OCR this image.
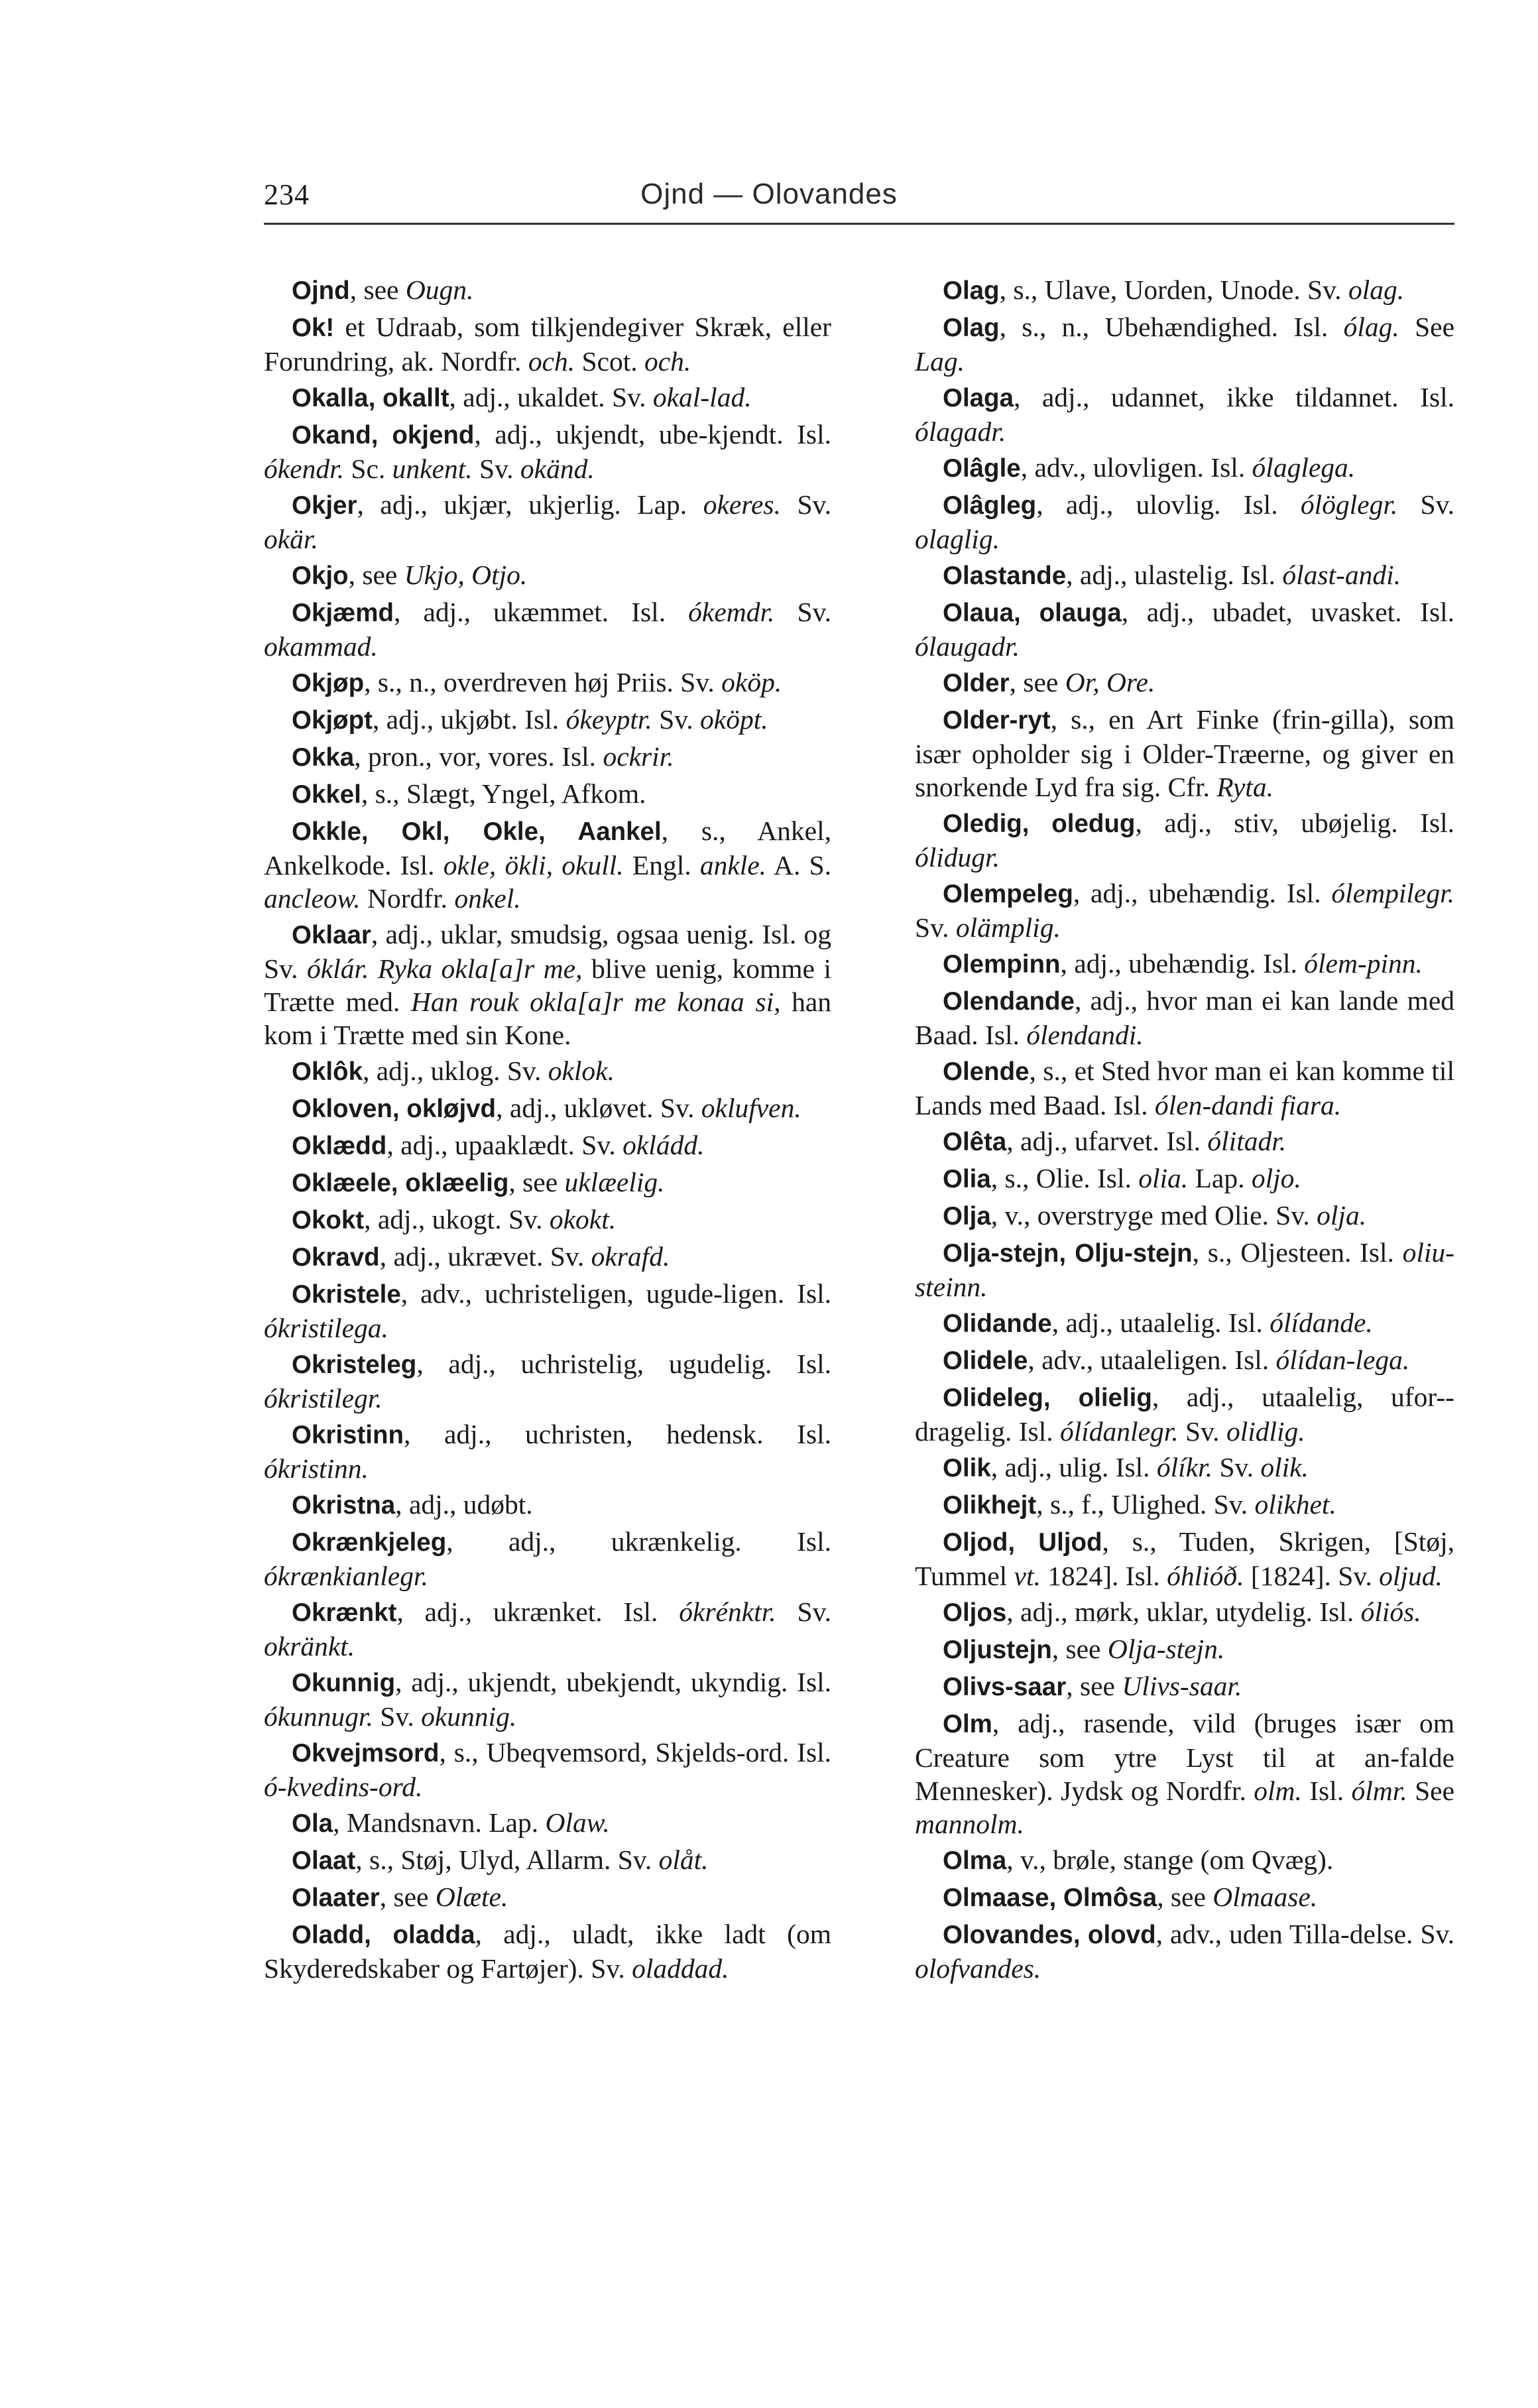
234	Ojnd — Olovandes

Ojnd, see Ougn.

Ok! et Udraab, som tilkjendegiver Skræk, eller Forundring, ak. Nordfr. och. Scot. och.

Okalla, okallt, adj., ukaldet. Sv. okal-lad.

Okand, okjend, adj., ukjendt, ube-kjendt. Isl. ókendr. Sc. unkent. Sv. okänd.

Okjer, adj., ukjær, ukjerlig. Lap. okeres. Sv. okär.

Okjo, see Ukjo, Otjo.

Okjæmd, adj., ukæmmet. Isl. ókemdr. Sv. okammad.

Okjøp, s., n., overdreven høj Priis. Sv. oköp.

Okjøpt, adj., ukjøbt. Isl. ókeyptr. Sv. oköpt.

Okka, pron., vor, vores. Isl. ockrir.

Okkel, s., Slægt, Yngel, Afkom.

Okkle, Okl, Okle, Aankel, s., Ankel, Ankelkode. Isl. okle, ökli, okull. Engl. ankle. A. S. ancleow. Nordfr. onkel.

Oklaar, adj., uklar, smudsig, ogsaa uenig. Isl. og Sv. óklár. Ryka okla[a]r me, blive uenig, komme i Trætte med. Han rouk okla[a]r me konaa si, han kom i Trætte med sin Kone.

Oklôk, adj., uklog. Sv. oklok.

Okloven, okløjvd, adj., ukløvet. Sv. oklufven.

Oklædd, adj., upaaklædt. Sv. okládd.

Oklæele, oklæelig, see uklæelig.

Okokt, adj., ukogt. Sv. okokt.

Okravd, adj., ukrævet. Sv. okrafd.

Okristele, adv., uchristeligen, ugude-ligen. Isl. ókristilega.

Okristeleg, adj., uchristelig, ugudelig. Isl. ókristilegr.

Okristinn, adj., uchristen, hedensk. Isl. ókristinn.

Okristna, adj., udøbt.

Okrænkjeleg, adj., ukrænkelig. Isl. ókrænkianlegr.

Okrænkt, adj., ukrænket. Isl. ókrénktr. Sv. okränkt.

Okunnig, adj., ukjendt, ubekjendt, ukyndig. Isl. ókunnugr. Sv. okunnig.

Okvejmsord, s., Ubeqvemsord, Skjelds-ord. Isl. ó-kvedins-ord.

Ola, Mandsnavn. Lap. Olaw.

Olaat, s., Støj, Ulyd, Allarm. Sv. olåt.

Olaater, see Olæte.

Oladd, oladda, adj., uladt, ikke ladt (om Skyderedskaber og Fartøjer). Sv. oladdad.

Olag, s., Ulave, Uorden, Unode. Sv. olag.

Olag, s., n., Ubehændighed. Isl. ólag. See Lag.

Olaga, adj., udannet, ikke tildannet. Isl. ólagadr.

Olâgle, adv., ulovligen. Isl. ólaglega.

Olâgleg, adj., ulovlig. Isl. ólöglegr. Sv. olaglig.

Olastande, adj., ulastelig. Isl. ólast-andi.

Olaua, olauga, adj., ubadet, uvasket. Isl. ólaugadr.

Older, see Or, Ore.

Older-ryt, s., en Art Finke (frin-gilla), som især opholder sig i Older-Træerne, og giver en snorkende Lyd fra sig. Cfr. Ryta.

Oledig, oledug, adj., stiv, ubøjelig. Isl. ólidugr.

Olempeleg, adj., ubehændig. Isl. ólempilegr. Sv. olämplig.

Olempinn, adj., ubehændig. Isl. ólem-pinn.

Olendande, adj., hvor man ei kan lande med Baad. Isl. ólendandi.

Olende, s., et Sted hvor man ei kan komme til Lands med Baad. Isl. ólen-dandi fiara.

Olêta, adj., ufarvet. Isl. ólitadr.

Olia, s., Olie. Isl. olia. Lap. oljo.

Olja, v., overstryge med Olie. Sv. olja.

Olja-stejn, Olju-stejn, s., Oljesteen. Isl. oliu-steinn.

Olidande, adj., utaalelig. Isl. ólídande.

Olidele, adv., utaaleligen. Isl. ólídan-lega.

Olideleg, olielig, adj., utaalelig, ufor-dragelig. Isl. ólídanlegr. Sv. olidlig.

Olik, adj., ulig. Isl. ólíkr. Sv. olik.

Olikhejt, s., f., Ulighed. Sv. olikhet.

Oljod, Uljod, s., Tuden, Skrigen, [Støj, Tummel vt. 1824]. Isl. óhlióð. [1824]. Sv. oljud.

Oljos, adj., mørk, uklar, utydelig. Isl. óliós.

Oljustejn, see Olja-stejn.

Olivs-saar, see Ulivs-saar.

Olm, adj., rasende, vild (bruges især om Creature som ytre Lyst til at an-falde Mennesker). Jydsk og Nordfr. olm. Isl. ólmr. See mannolm.

Olma, v., brøle, stange (om Qvæg).

Olmaase, Olmôsa, see Olmaase.

Olovandes, olovd, adv., uden Tilla-delse. Sv. olofvandes.
